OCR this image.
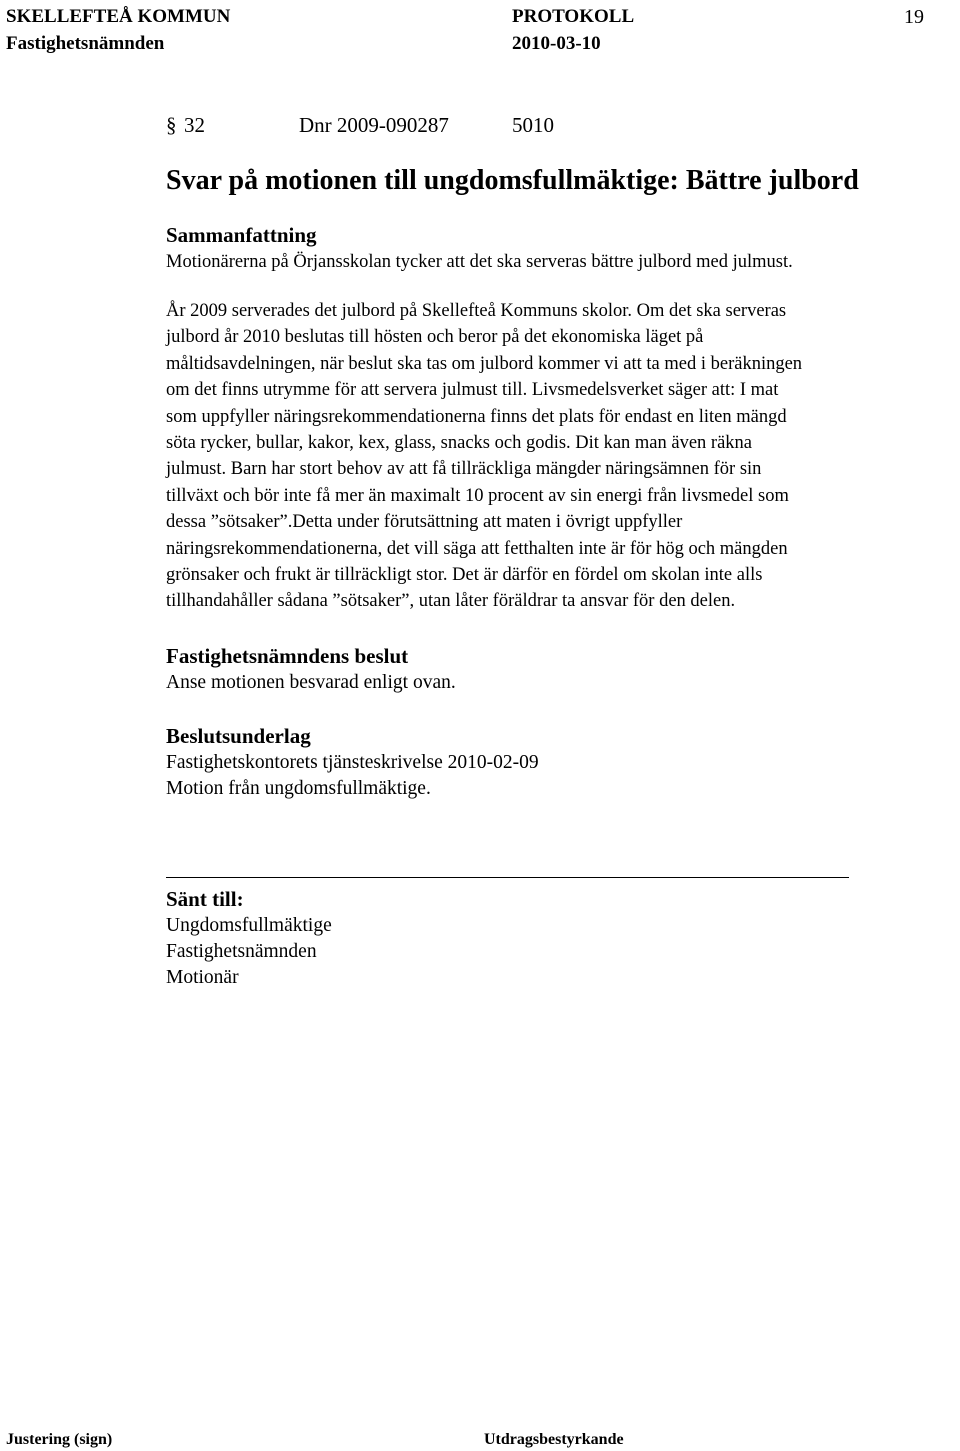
SKELLEFTEÅ KOMMUN	PROTOKOLL	19
Fastighetsnämnden	2010-03-10
§ 32	Dnr 2009-090287	5010
Svar på motionen till ungdomsfullmäktige: Bättre julbord
Sammanfattning
Motionärerna på Örjansskolan tycker att det ska serveras bättre julbord med julmust.
År 2009 serverades det julbord på Skellefteå Kommuns skolor. Om det ska serveras
julbord år 2010 beslutas till hösten och beror på det ekonomiska läget på
måltidsavdelningen, när beslut ska tas om julbord kommer vi att ta med i beräkningen
om det finns utrymme för att servera julmust till. Livsmedelsverket säger att: I mat
som uppfyller näringsrekommendationerna finns det plats för endast en liten mängd
söta rycker, bullar, kakor, kex, glass, snacks och godis. Dit kan man även räkna
julmust. Barn har stort behov av att få tillräckliga mängder näringsämnen för sin
tillväxt och bör inte få mer än maximalt 10 procent av sin energi från livsmedel som
dessa ”sötsaker”.Detta under förutsättning att maten i övrigt uppfyller
näringsrekommendationerna, det vill säga att fetthalten inte är för hög och mängden
grönsaker och frukt är tillräckligt stor. Det är därför en fördel om skolan inte alls
tillhandahåller sådana ”sötsaker”, utan låter föräldrar ta ansvar för den delen.
Fastighetsnämndens beslut
Anse motionen besvarad enligt ovan.
Beslutsunderlag
Fastighetskontorets tjänsteskrivelse 2010-02-09
Motion från ungdomsfullmäktige.
Sänt till:
Ungdomsfullmäktige
Fastighetsnämnden
Motionär
Justering (sign)	Utdragsbestyrkande
